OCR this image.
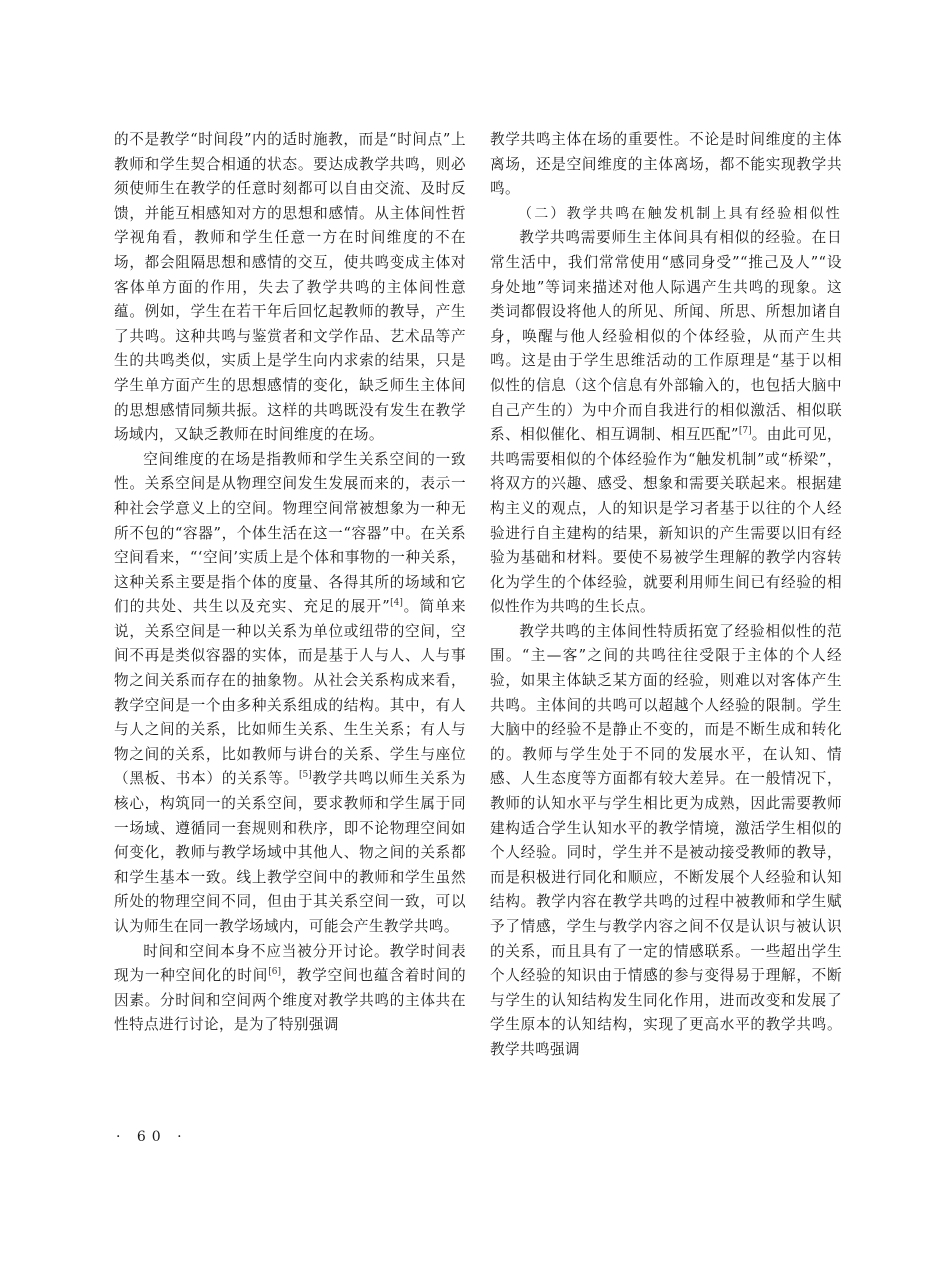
的不是教学“时间段”内的适时施教，而是“时间点”上教师和学生契合相通的状态。要达成教学共鸣，则必须使师生在教学的任意时刻都可以自由交流、及时反馈，并能互相感知对方的思想和感情。从主体间性哲学视角看，教师和学生任意一方在时间维度的不在场，都会阻隔思想和感情的交互，使共鸣变成主体对客体单方面的作用，失去了教学共鸣的主体间性意蕴。例如，学生在若干年后回忆起教师的教导，产生了共鸣。这种共鸣与鉴赏者和文学作品、艺术品等产生的共鸣类似，实质上是学生向内求索的结果，只是学生单方面产生的思想感情的变化，缺乏师生主体间的思想感情同频共振。这样的共鸣既没有发生在教学场域内，又缺乏教师在时间维度的在场。

空间维度的在场是指教师和学生关系空间的一致性。关系空间是从物理空间发生发展而来的，表示一种社会学意义上的空间。物理空间常被想象为一种无所不包的“容器”，个体生活在这一“容器”中。在关系空间看来，“‘空间’实质上是个体和事物的一种关系，这种关系主要是指个体的度量、各得其所的场域和它们的共处、共生以及充实、充足的展开”[4]。简单来说，关系空间是一种以关系为单位或纽带的空间，空间不再是类似容器的实体，而是基于人与人、人与事物之间关系而存在的抽象物。从社会关系构成来看，教学空间是一个由多种关系组成的结构。其中，有人与人之间的关系，比如师生关系、生生关系；有人与物之间的关系，比如教师与讲台的关系、学生与座位（黑板、书本）的关系等。[5]教学共鸣以师生关系为核心，构筑同一的关系空间，要求教师和学生属于同一场域、遵循同一套规则和秩序，即不论物理空间如何变化，教师与教学场域中其他人、物之间的关系都和学生基本一致。线上教学空间中的教师和学生虽然所处的物理空间不同，但由于其关系空间一致，可以认为师生在同一教学场域内，可能会产生教学共鸣。

时间和空间本身不应当被分开讨论。教学时间表现为一种空间化的时间[6]，教学空间也蕴含着时间的因素。分时间和空间两个维度对教学共鸣的主体共在性特点进行讨论，是为了特别强调

教学共鸣主体在场的重要性。不论是时间维度的主体离场，还是空间维度的主体离场，都不能实现教学共鸣。

（二）教学共鸣在触发机制上具有经验相似性

教学共鸣需要师生主体间具有相似的经验。在日常生活中，我们常常使用“感同身受”“推己及人”“设身处地”等词来描述对他人际遇产生共鸣的现象。这类词都假设将他人的所见、所闻、所思、所想加诸自身，唤醒与他人经验相似的个体经验，从而产生共鸣。这是由于学生思维活动的工作原理是“基于以相似性的信息（这个信息有外部输入的，也包括大脑中自己产生的）为中介而自我进行的相似激活、相似联系、相似催化、相互调制、相互匹配”[7]。由此可见，共鸣需要相似的个体经验作为“触发机制”或“桥梁”，将双方的兴趣、感受、想象和需要关联起来。根据建构主义的观点，人的知识是学习者基于以往的个人经验进行自主建构的结果，新知识的产生需要以旧有经验为基础和材料。要使不易被学生理解的教学内容转化为学生的个体经验，就要利用师生间已有经验的相似性作为共鸣的生长点。

教学共鸣的主体间性特质拓宽了经验相似性的范围。“主—客”之间的共鸣往往受限于主体的个人经验，如果主体缺乏某方面的经验，则难以对客体产生共鸣。主体间的共鸣可以超越个人经验的限制。学生大脑中的经验不是静止不变的，而是不断生成和转化的。教师与学生处于不同的发展水平，在认知、情感、人生态度等方面都有较大差异。在一般情况下，教师的认知水平与学生相比更为成熟，因此需要教师建构适合学生认知水平的教学情境，激活学生相似的个人经验。同时，学生并不是被动接受教师的教导，而是积极进行同化和顺应，不断发展个人经验和认知结构。教学内容在教学共鸣的过程中被教师和学生赋予了情感，学生与教学内容之间不仅是认识与被认识的关系，而且具有了一定的情感联系。一些超出学生个人经验的知识由于情感的参与变得易于理解，不断与学生的认知结构发生同化作用，进而改变和发展了学生原本的认知结构，实现了更高水平的教学共鸣。教学共鸣强调

· 60 ·
